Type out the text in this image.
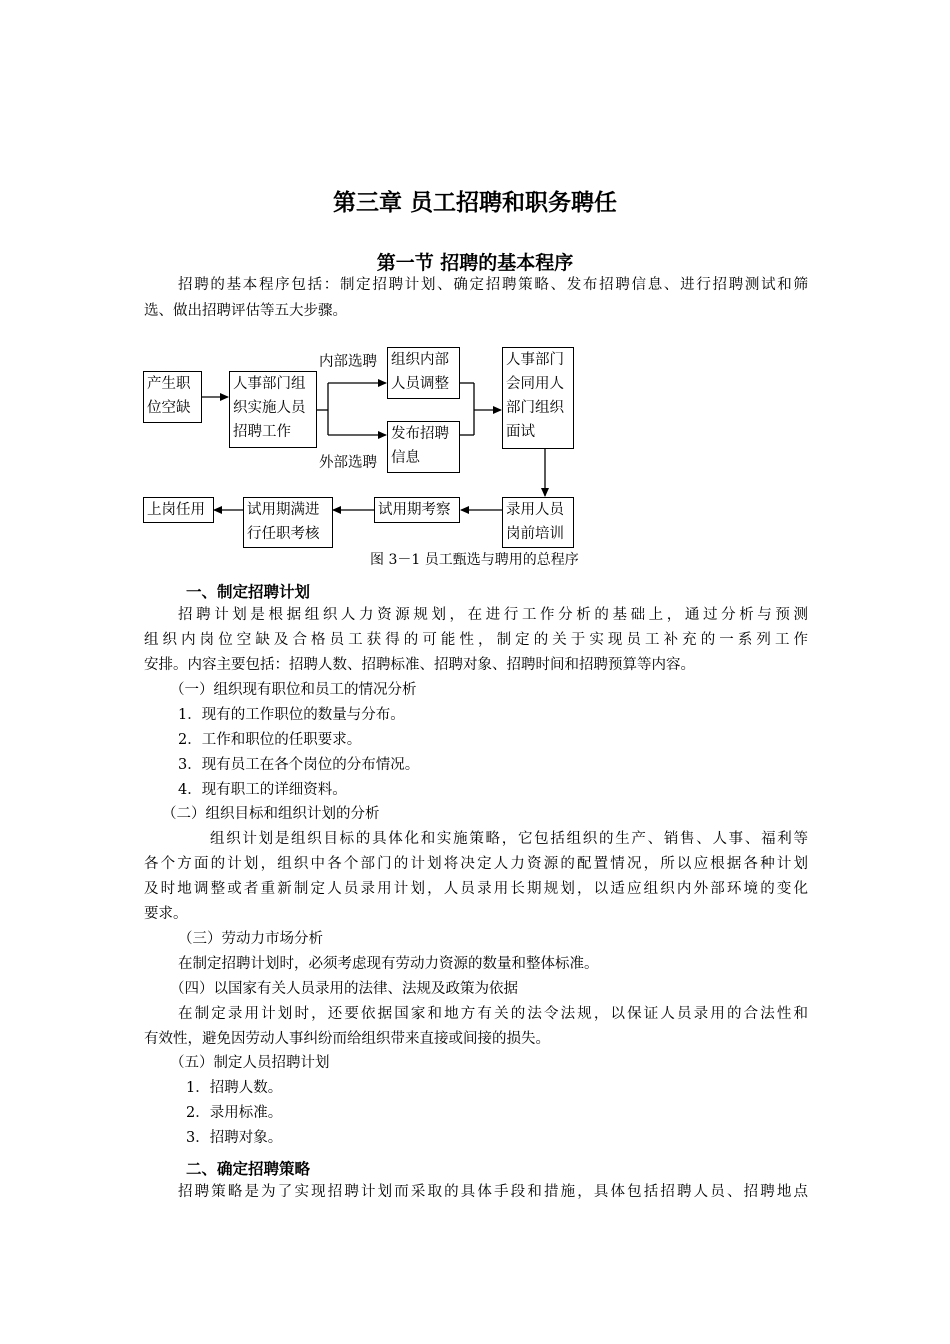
第三章 员工招聘和职务聘任
第一节 招聘的基本程序
招聘的基本程序包括：制定招聘计划、确定招聘策略、发布招聘信息、进行招聘测试和筛
选、做出招聘评估等五大步骤。
产生职
位空缺
人事部门组
织实施人员
招聘工作
内部选聘
外部选聘
组织内部
人员调整
发布招聘
信息
人事部门
会同用人
部门组织
面试
录用人员
岗前培训
试用期考察
试用期满进
行任职考核
上岗任用
图 3－1 员工甄选与聘用的总程序
一、制定招聘计划
招聘计划是根据组织人力资源规划，在进行工作分析的基础上，通过分析与预测
组织内岗位空缺及合格员工获得的可能性，制定的关于实现员工补充的一系列工作
安排。内容主要包括：招聘人数、招聘标准、招聘对象、招聘时间和招聘预算等内容。
（一）组织现有职位和员工的情况分析
1．现有的工作职位的数量与分布。
2．工作和职位的任职要求。
3．现有员工在各个岗位的分布情况。
4．现有职工的详细资料。
（二）组织目标和组织计划的分析
组织计划是组织目标的具体化和实施策略，它包括组织的生产、销售、人事、福利等
各个方面的计划，组织中各个部门的计划将决定人力资源的配置情况，所以应根据各种计划
及时地调整或者重新制定人员录用计划，人员录用长期规划，以适应组织内外部环境的变化
要求。
（三）劳动力市场分析
在制定招聘计划时，必须考虑现有劳动力资源的数量和整体标准。
（四）以国家有关人员录用的法律、法规及政策为依据
在制定录用计划时，还要依据国家和地方有关的法令法规，以保证人员录用的合法性和
有效性，避免因劳动人事纠纷而给组织带来直接或间接的损失。
（五）制定人员招聘计划
1．招聘人数。
2．录用标准。
3．招聘对象。
二、确定招聘策略
招聘策略是为了实现招聘计划而采取的具体手段和措施，具体包括招聘人员、招聘地点
